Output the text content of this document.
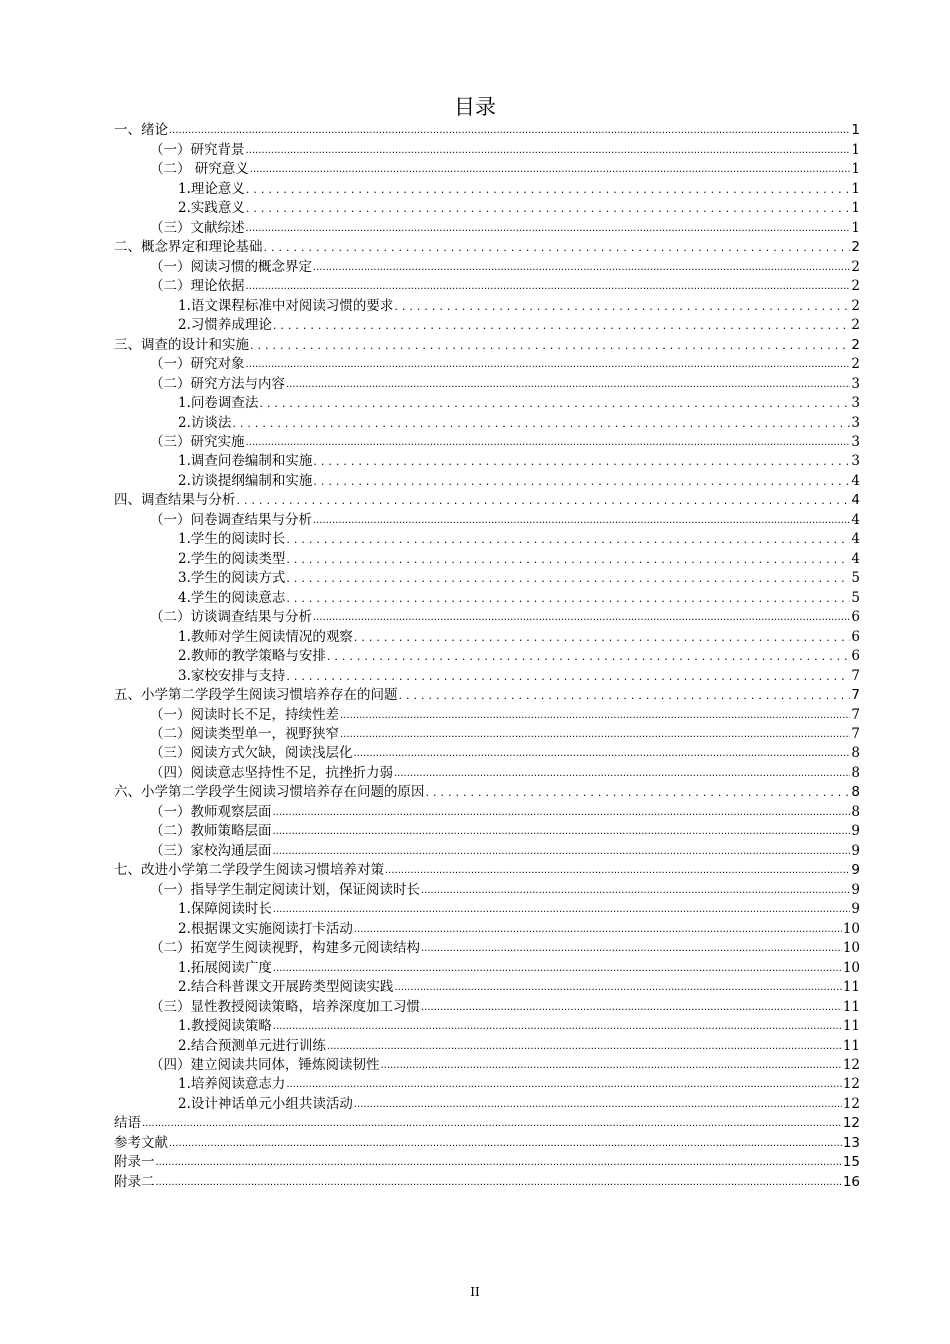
目录
一、绪论 .....	1
（一）研究背景 .....	1
（二） 研究意义 .....	1
1.理论意义 .....	1
2.实践意义 .....	1
（三）文献综述 .....	1
二、概念界定和理论基础 .....	2
（一）阅读习惯的概念界定 .....	2
（二）理论依据 .....	2
1.语文课程标准中对阅读习惯的要求 .....	2
2.习惯养成理论 .....	2
三、调查的设计和实施 .....	2
（一）研究对象 .....	2
（二）研究方法与内容 .....	3
1.问卷调查法 .....	3
2.访谈法 .....	3
（三）研究实施 .....	3
1.调查问卷编制和实施 .....	3
2.访谈提纲编制和实施 .....	4
四、调查结果与分析 .....	4
（一）问卷调查结果与分析 .....	4
1.学生的阅读时长 .....	4
2.学生的阅读类型 .....	4
3.学生的阅读方式 .....	5
4.学生的阅读意志 .....	5
（二）访谈调查结果与分析 .....	6
1.教师对学生阅读情况的观察 .....	6
2.教师的教学策略与安排 .....	6
3.家校安排与支持 .....	7
五、小学第二学段学生阅读习惯培养存在的问题 .....	7
（一）阅读时长不足，持续性差 .....	7
（二）阅读类型单一，视野狭窄 .....	7
（三）阅读方式欠缺，阅读浅层化 .....	8
（四）阅读意志坚持性不足，抗挫折力弱 .....	8
六、小学第二学段学生阅读习惯培养存在问题的原因 .....	8
（一）教师观察层面 .....	8
（二）教师策略层面 .....	9
（三）家校沟通层面 .....	9
七、改进小学第二学段学生阅读习惯培养对策 .....	9
（一）指导学生制定阅读计划，保证阅读时长 .....	9
1.保障阅读时长 .....	9
2.根据课文实施阅读打卡活动 .....	10
（二）拓宽学生阅读视野，构建多元阅读结构 .....	10
1.拓展阅读广度 .....	10
2.结合科普课文开展跨类型阅读实践 .....	11
（三）显性教授阅读策略，培养深度加工习惯 .....	11
1.教授阅读策略 .....	11
2.结合预测单元进行训练 .....	11
（四）建立阅读共同体，锤炼阅读韧性 .....	12
1.培养阅读意志力 .....	12
2.设计神话单元小组共读活动 .....	12
结语 .....	12
参考文献 .....	13
附录一 .....	15
附录二 .....	16
II
